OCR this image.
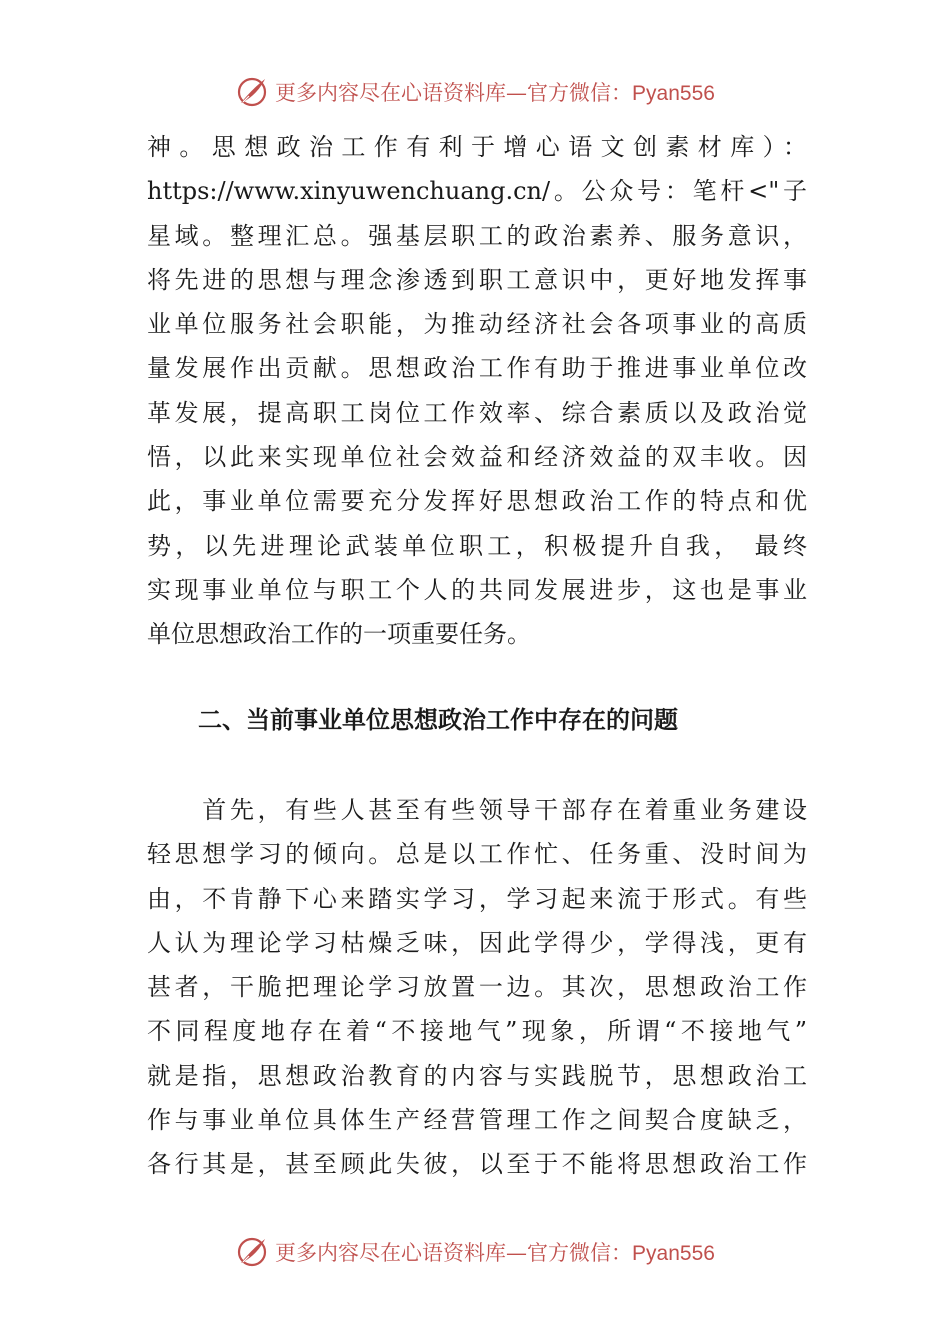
更多内容尽在心语资料库—官方微信：Pyan556
神。思想政治工作有利于增心语文创素材库）：
https://www.xinyuwenchuang.cn/。公众号：笔杆<"子
星域。整理汇总。强基层职工的政治素养、服务意识，
将先进的思想与理念渗透到职工意识中，更好地发挥事
业单位服务社会职能，为推动经济社会各项事业的高质
量发展作出贡献。思想政治工作有助于推进事业单位改
革发展，提高职工岗位工作效率、综合素质以及政治觉
悟，以此来实现单位社会效益和经济效益的双丰收。因
此，事业单位需要充分发挥好思想政治工作的特点和优
势，以先进理论武装单位职工，积极提升自我， 最终
实现事业单位与职工个人的共同发展进步，这也是事业
单位思想政治工作的一项重要任务。
二、当前事业单位思想政治工作中存在的问题
　　首先，有些人甚至有些领导干部存在着重业务建设
轻思想学习的倾向。总是以工作忙、任务重、没时间为
由，不肯静下心来踏实学习，学习起来流于形式。有些
人认为理论学习枯燥乏味，因此学得少，学得浅，更有
甚者，干脆把理论学习放置一边。其次，思想政治工作
不同程度地存在着“不接地气”现象，所谓“不接地气”
就是指，思想政治教育的内容与实践脱节，思想政治工
作与事业单位具体生产经营管理工作之间契合度缺乏，
各行其是，甚至顾此失彼，以至于不能将思想政治工作
更多内容尽在心语资料库—官方微信：Pyan556
